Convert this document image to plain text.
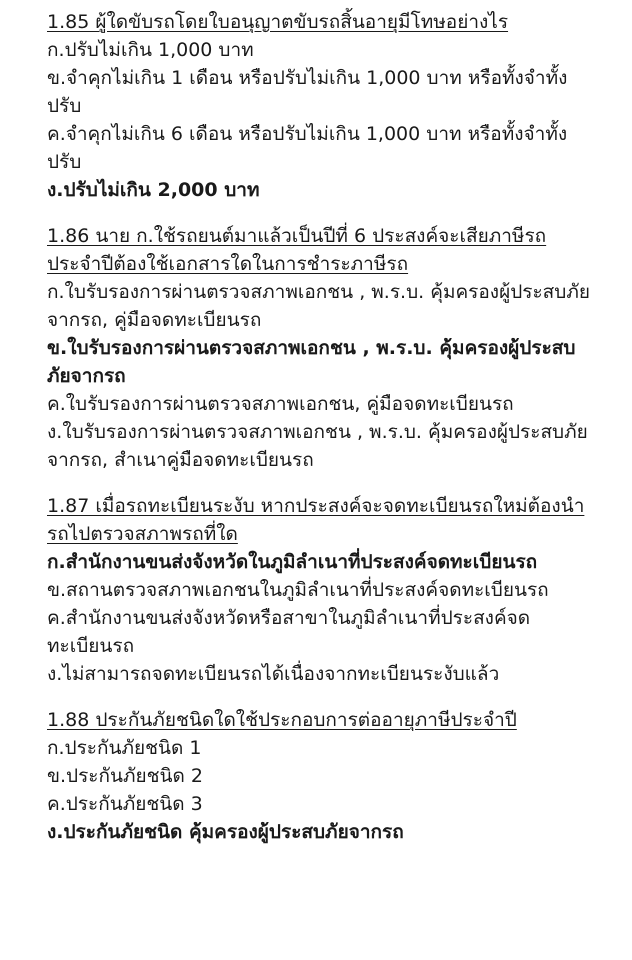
1.85 ผู้ใดขับรถโดยใบอนุญาตขับรถสิ้นอายุมีโทษอย่างไร
ก.ปรับไม่เกิน 1,000 บาท
ข.จำคุกไม่เกิน 1 เดือน หรือปรับไม่เกิน 1,000 บาท หรือทั้งจำทั้งปรับ
ค.จำคุกไม่เกิน 6 เดือน หรือปรับไม่เกิน 1,000 บาท หรือทั้งจำทั้งปรับ
ง.ปรับไม่เกิน 2,000 บาท
1.86 นาย ก.ใช้รถยนต์มาแล้วเป็นปีที่ 6 ประสงค์จะเสียภาษีรถประจำปีต้องใช้เอกสารใดในการชำระภาษีรถ
ก.ใบรับรองการผ่านตรวจสภาพเอกชน , พ.ร.บ. คุ้มครองผู้ประสบภัยจากรถ, คู่มือจดทะเบียนรถ
ข.ใบรับรองการผ่านตรวจสภาพเอกชน , พ.ร.บ. คุ้มครองผู้ประสบภัยจากรถ
ค.ใบรับรองการผ่านตรวจสภาพเอกชน, คู่มือจดทะเบียนรถ
ง.ใบรับรองการผ่านตรวจสภาพเอกชน , พ.ร.บ. คุ้มครองผู้ประสบภัยจากรถ, สำเนาคู่มือจดทะเบียนรถ
1.87 เมื่อรถทะเบียนระงับ หากประสงค์จะจดทะเบียนรถใหม่ต้องนำรถไปตรวจสภาพรถที่ใด
ก.สำนักงานขนส่งจังหวัดในภูมิลำเนาที่ประสงค์จดทะเบียนรถ
ข.สถานตรวจสภาพเอกชนในภูมิลำเนาที่ประสงค์จดทะเบียนรถ
ค.สำนักงานขนส่งจังหวัดหรือสาขาในภูมิลำเนาที่ประสงค์จดทะเบียนรถ
ง.ไม่สามารถจดทะเบียนรถได้เนื่องจากทะเบียนระงับแล้ว
1.88 ประกันภัยชนิดใดใช้ประกอบการต่ออายุภาษีประจำปี
ก.ประกันภัยชนิด 1
ข.ประกันภัยชนิด 2
ค.ประกันภัยชนิด 3
ง.ประกันภัยชนิด คุ้มครองผู้ประสบภัยจากรถ
